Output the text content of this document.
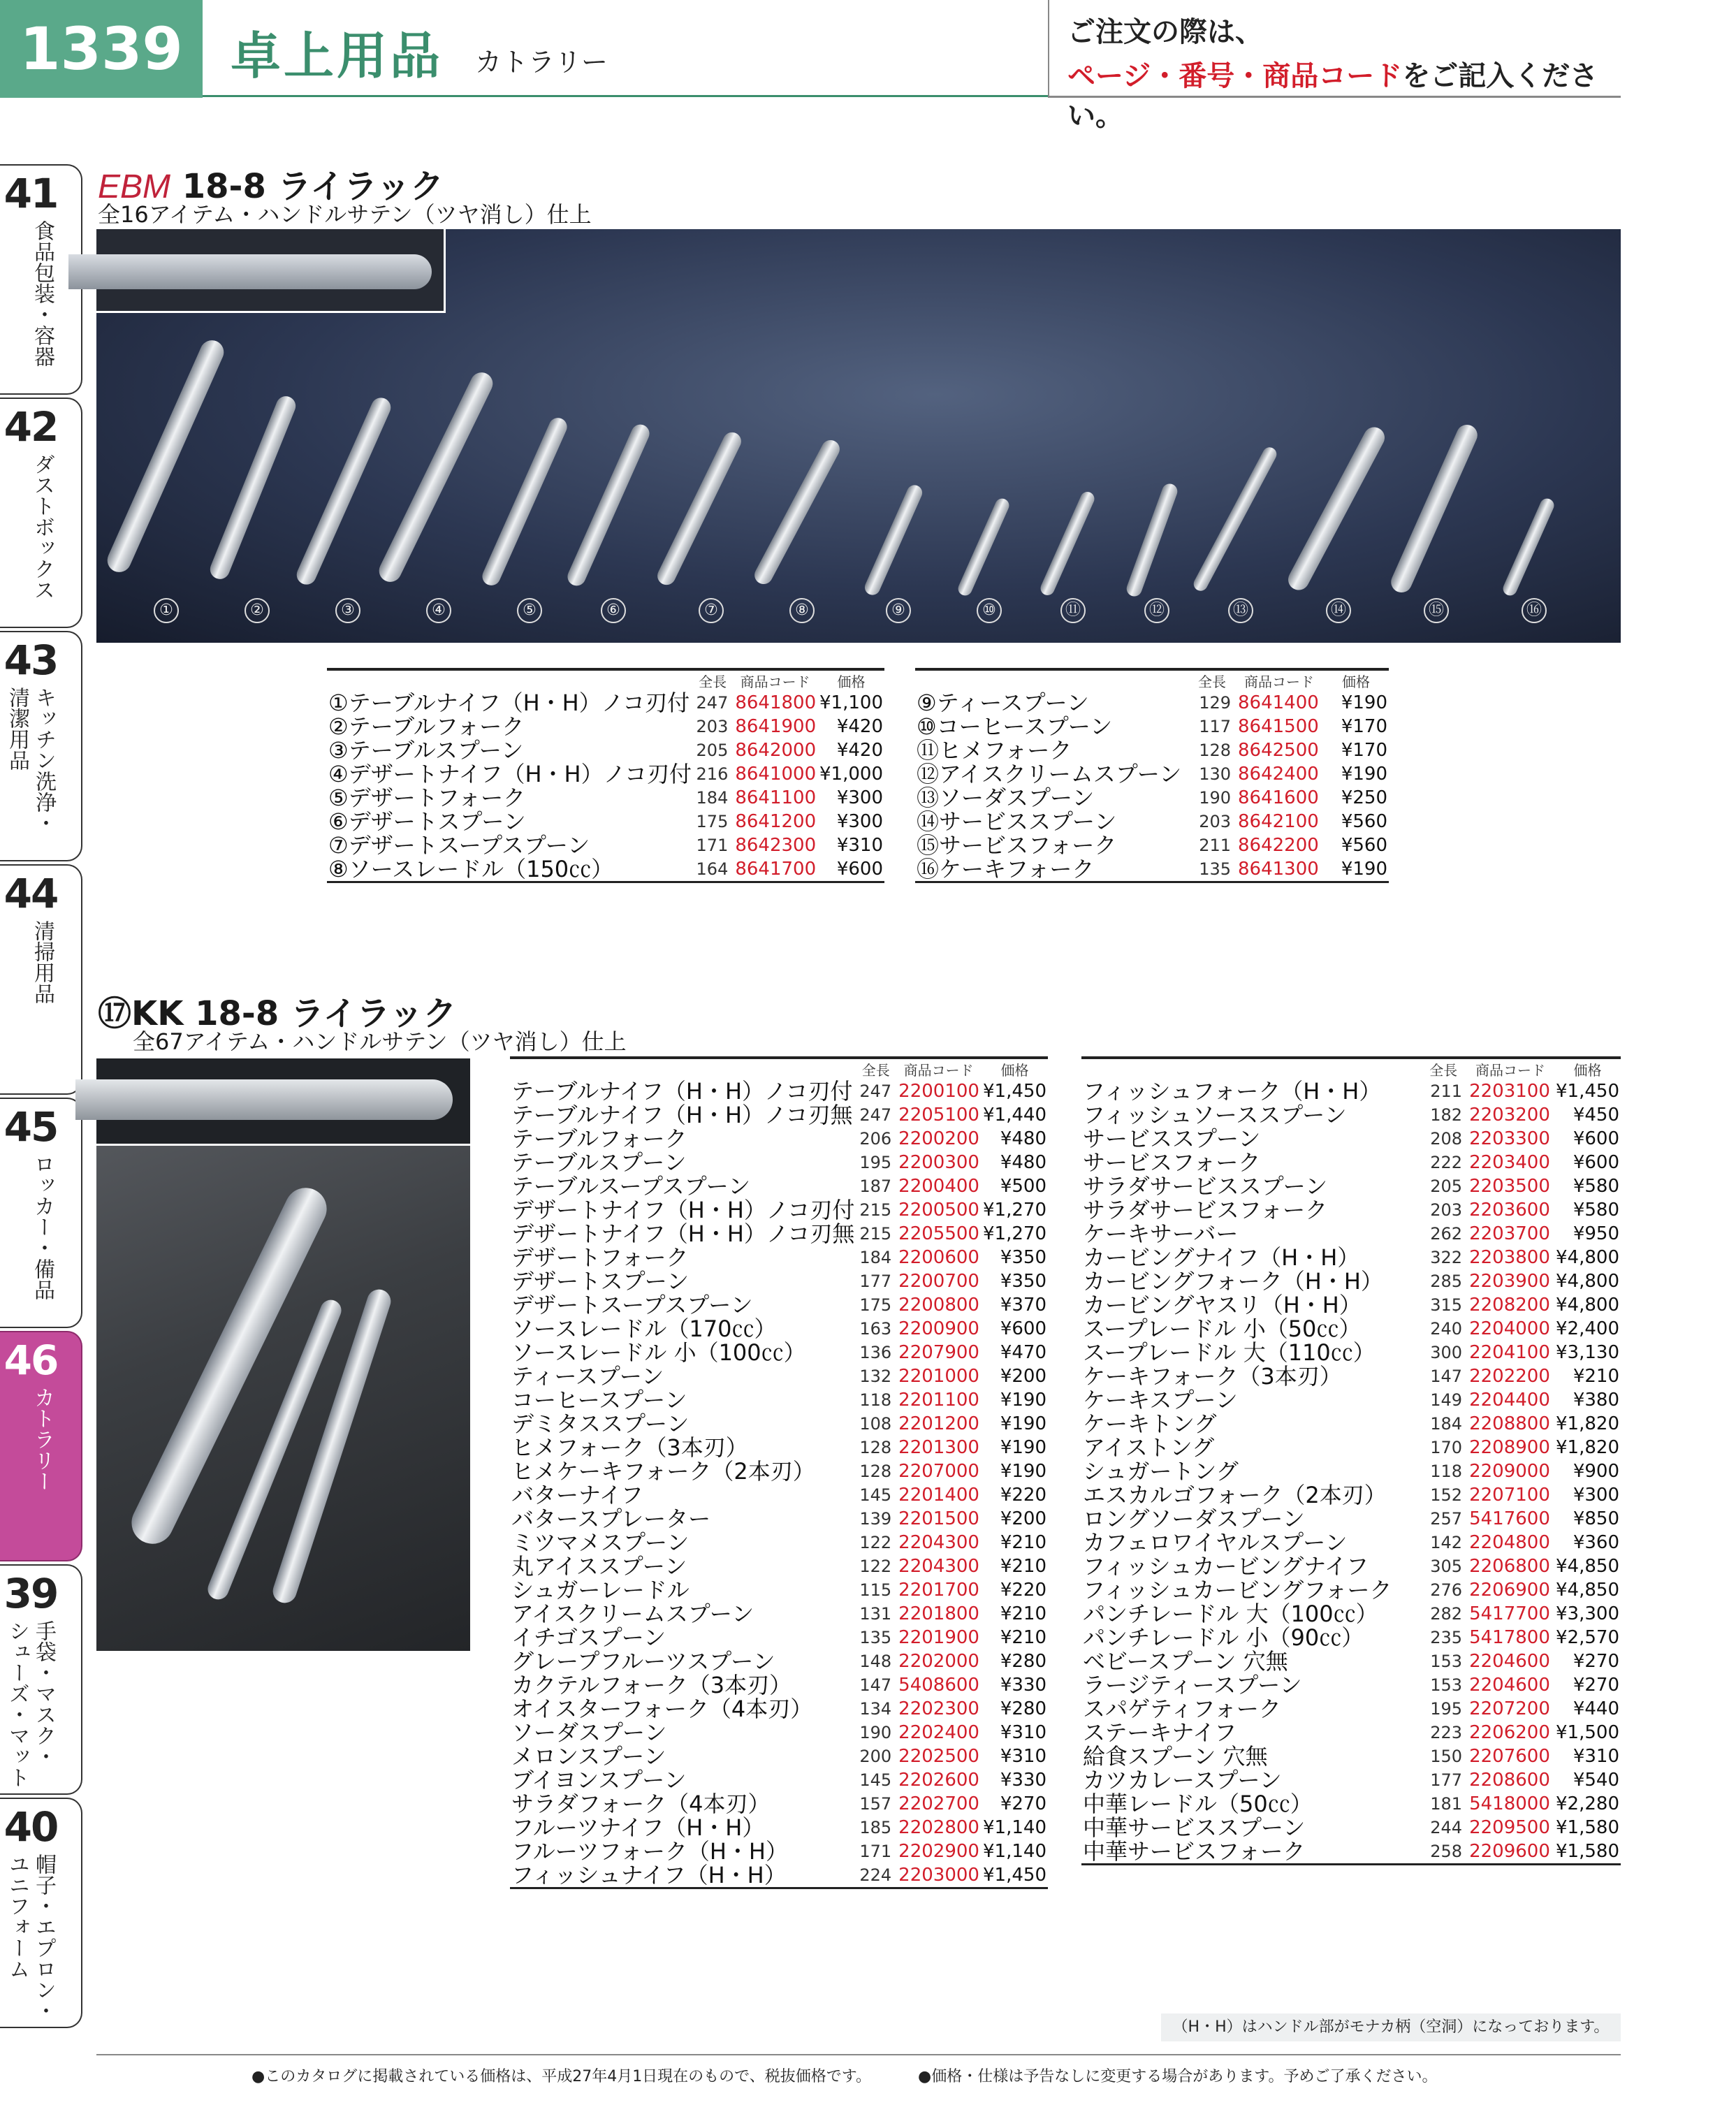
1339 卓上用品 カトラリー
ご注文の際は、
ページ・番号・商品コードをご記入ください。
41
食品包装・容器
42
ダストボックス
43
キッチン洗浄・
清潔用品
44
清掃用品
45
ロッカー・備品
46
カトラリー
39
手袋・マスク・
シューズ・マット
40
帽子・エプロン・
ユニフォーム
EBM 18-8 ライラック
全16アイテム・ハンドルサテン（ツヤ消し）仕上
①	②	③	④	⑤	⑥	⑦	⑧	⑨	⑩	⑪	⑫	⑬	⑭	⑮	⑯
	全長	商品コード	価格
①テーブルナイフ（H・H）ノコ刃付	247	8641800	¥1,100
②テーブルフォーク	203	8641900	¥420
③テーブルスプーン	205	8642000	¥420
④デザートナイフ（H・H）ノコ刃付	216	8641000	¥1,000
⑤デザートフォーク	184	8641100	¥300
⑥デザートスプーン	175	8641200	¥300
⑦デザートスープスプーン	171	8642300	¥310
⑧ソースレードル（150㏄）	164	8641700	¥600
	全長	商品コード	価格
⑨ティースプーン	129	8641400	¥190
⑩コーヒースプーン	117	8641500	¥170
⑪ヒメフォーク	128	8642500	¥170
⑫アイスクリームスプーン	130	8642400	¥190
⑬ソーダスプーン	190	8641600	¥250
⑭サービススプーン	203	8642100	¥560
⑮サービスフォーク	211	8642200	¥560
⑯ケーキフォーク	135	8641300	¥190
⑰KK 18-8 ライラック
全67アイテム・ハンドルサテン（ツヤ消し）仕上
	全長	商品コード	価格
テーブルナイフ（H・H）ノコ刃付	247	2200100	¥1,450
テーブルナイフ（H・H）ノコ刃無	247	2205100	¥1,440
テーブルフォーク	206	2200200	¥480
テーブルスプーン	195	2200300	¥480
テーブルスープスプーン	187	2200400	¥500
デザートナイフ（H・H）ノコ刃付	215	2200500	¥1,270
デザートナイフ（H・H）ノコ刃無	215	2205500	¥1,270
デザートフォーク	184	2200600	¥350
デザートスプーン	177	2200700	¥350
デザートスープスプーン	175	2200800	¥370
ソースレードル（170㏄）	163	2200900	¥600
ソースレードル 小（100㏄）	136	2207900	¥470
ティースプーン	132	2201000	¥200
コーヒースプーン	118	2201100	¥190
デミタススプーン	108	2201200	¥190
ヒメフォーク（3本刃）	128	2201300	¥190
ヒメケーキフォーク（2本刃）	128	2207000	¥190
バターナイフ	145	2201400	¥220
バタースプレーター	139	2201500	¥200
ミツマメスプーン	122	2204300	¥210
丸アイススプーン	122	2204300	¥210
シュガーレードル	115	2201700	¥220
アイスクリームスプーン	131	2201800	¥210
イチゴスプーン	135	2201900	¥210
グレープフルーツスプーン	148	2202000	¥280
カクテルフォーク（3本刃）	147	5408600	¥330
オイスターフォーク（4本刃）	134	2202300	¥280
ソーダスプーン	190	2202400	¥310
メロンスプーン	200	2202500	¥310
ブイヨンスプーン	145	2202600	¥330
サラダフォーク（4本刃）	157	2202700	¥270
フルーツナイフ（H・H）	185	2202800	¥1,140
フルーツフォーク（H・H）	171	2202900	¥1,140
フィッシュナイフ（H・H）	224	2203000	¥1,450
	全長	商品コード	価格
フィッシュフォーク（H・H）	211	2203100	¥1,450
フィッシュソーススプーン	182	2203200	¥450
サービススプーン	208	2203300	¥600
サービスフォーク	222	2203400	¥600
サラダサービススプーン	205	2203500	¥580
サラダサービスフォーク	203	2203600	¥580
ケーキサーバー	262	2203700	¥950
カービングナイフ（H・H）	322	2203800	¥4,800
カービングフォーク（H・H）	285	2203900	¥4,800
カービングヤスリ（H・H）	315	2208200	¥4,800
スープレードル 小（50㏄）	240	2204000	¥2,400
スープレードル 大（110㏄）	300	2204100	¥3,130
ケーキフォーク（3本刃）	147	2202200	¥210
ケーキスプーン	149	2204400	¥380
ケーキトング	184	2208800	¥1,820
アイストング	170	2208900	¥1,820
シュガートング	118	2209000	¥900
エスカルゴフォーク（2本刃）	152	2207100	¥300
ロングソーダスプーン	257	5417600	¥850
カフェロワイヤルスプーン	142	2204800	¥360
フィッシュカービングナイフ	305	2206800	¥4,850
フィッシュカービングフォーク	276	2206900	¥4,850
パンチレードル 大（100㏄）	282	5417700	¥3,300
パンチレードル 小（90㏄）	235	5417800	¥2,570
ベビースプーン 穴無	153	2204600	¥270
ラージティースプーン	153	2204600	¥270
スパゲティフォーク	195	2207200	¥440
ステーキナイフ	223	2206200	¥1,500
給食スプーン 穴無	150	2207600	¥310
カツカレースプーン	177	2208600	¥540
中華レードル（50㏄）	181	5418000	¥2,280
中華サービススプーン	244	2209500	¥1,580
中華サービスフォーク	258	2209600	¥1,580
（H・H）はハンドル部がモナカ柄（空洞）になっております。
●このカタログに掲載されている価格は、平成27年4月1日現在のもので、税抜価格です。	●価格・仕様は予告なしに変更する場合があります。予めご了承ください。
